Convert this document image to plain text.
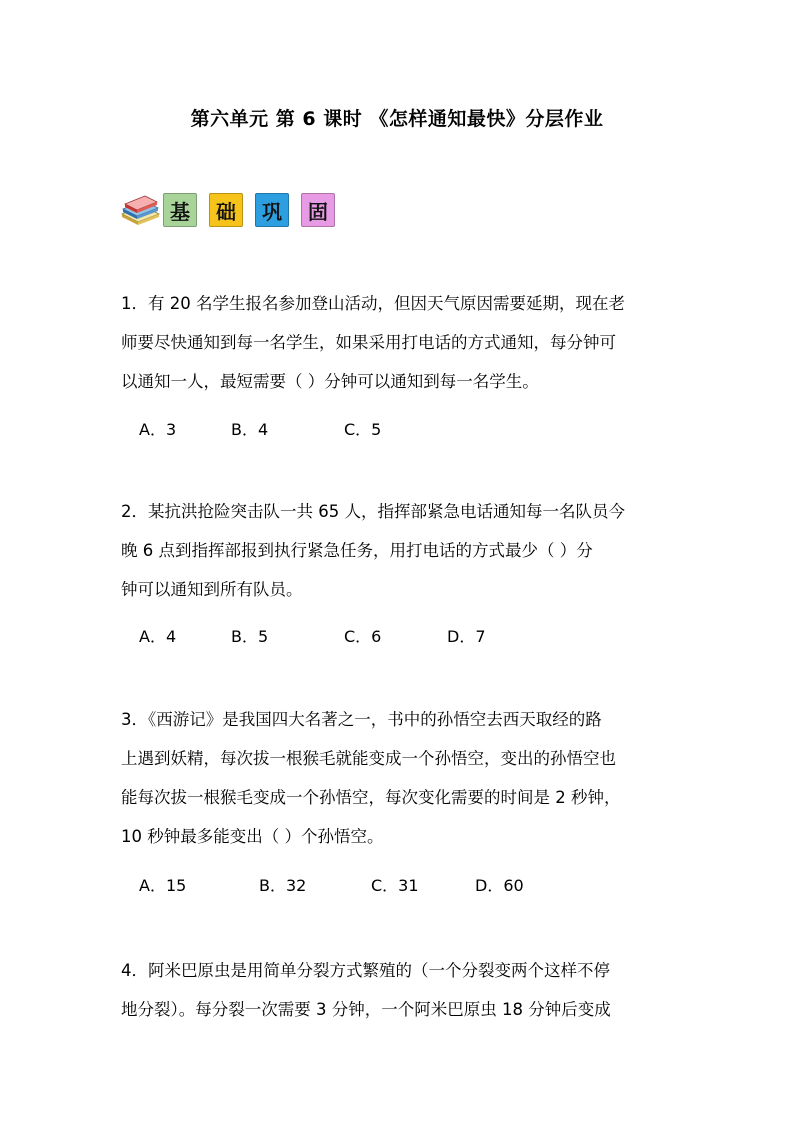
第六单元 第 6 课时 《怎样通知最快》分层作业
基	础	巩	固
1．有 20 名学生报名参加登山活动，但因天气原因需要延期，现在老
师要尽快通知到每一名学生，如果采用打电话的方式通知，每分钟可
以通知一人，最短需要（ ）分钟可以通知到每一名学生。
A．3	B．4	C．5
2．某抗洪抢险突击队一共 65 人，指挥部紧急电话通知每一名队员今
晚 6 点到指挥部报到执行紧急任务，用打电话的方式最少（ ）分
钟可以通知到所有队员。
A．4	B．5	C．6	D．7
3．《西游记》是我国四大名著之一，书中的孙悟空去西天取经的路
上遇到妖精，每次拔一根猴毛就能变成一个孙悟空，变出的孙悟空也
能每次拔一根猴毛变成一个孙悟空，每次变化需要的时间是 2 秒钟，
10 秒钟最多能变出（ ）个孙悟空。
A．15	B．32	C．31	D．60
4．阿米巴原虫是用简单分裂方式繁殖的（一个分裂变两个这样不停
地分裂）。每分裂一次需要 3 分钟，一个阿米巴原虫 18 分钟后变成
